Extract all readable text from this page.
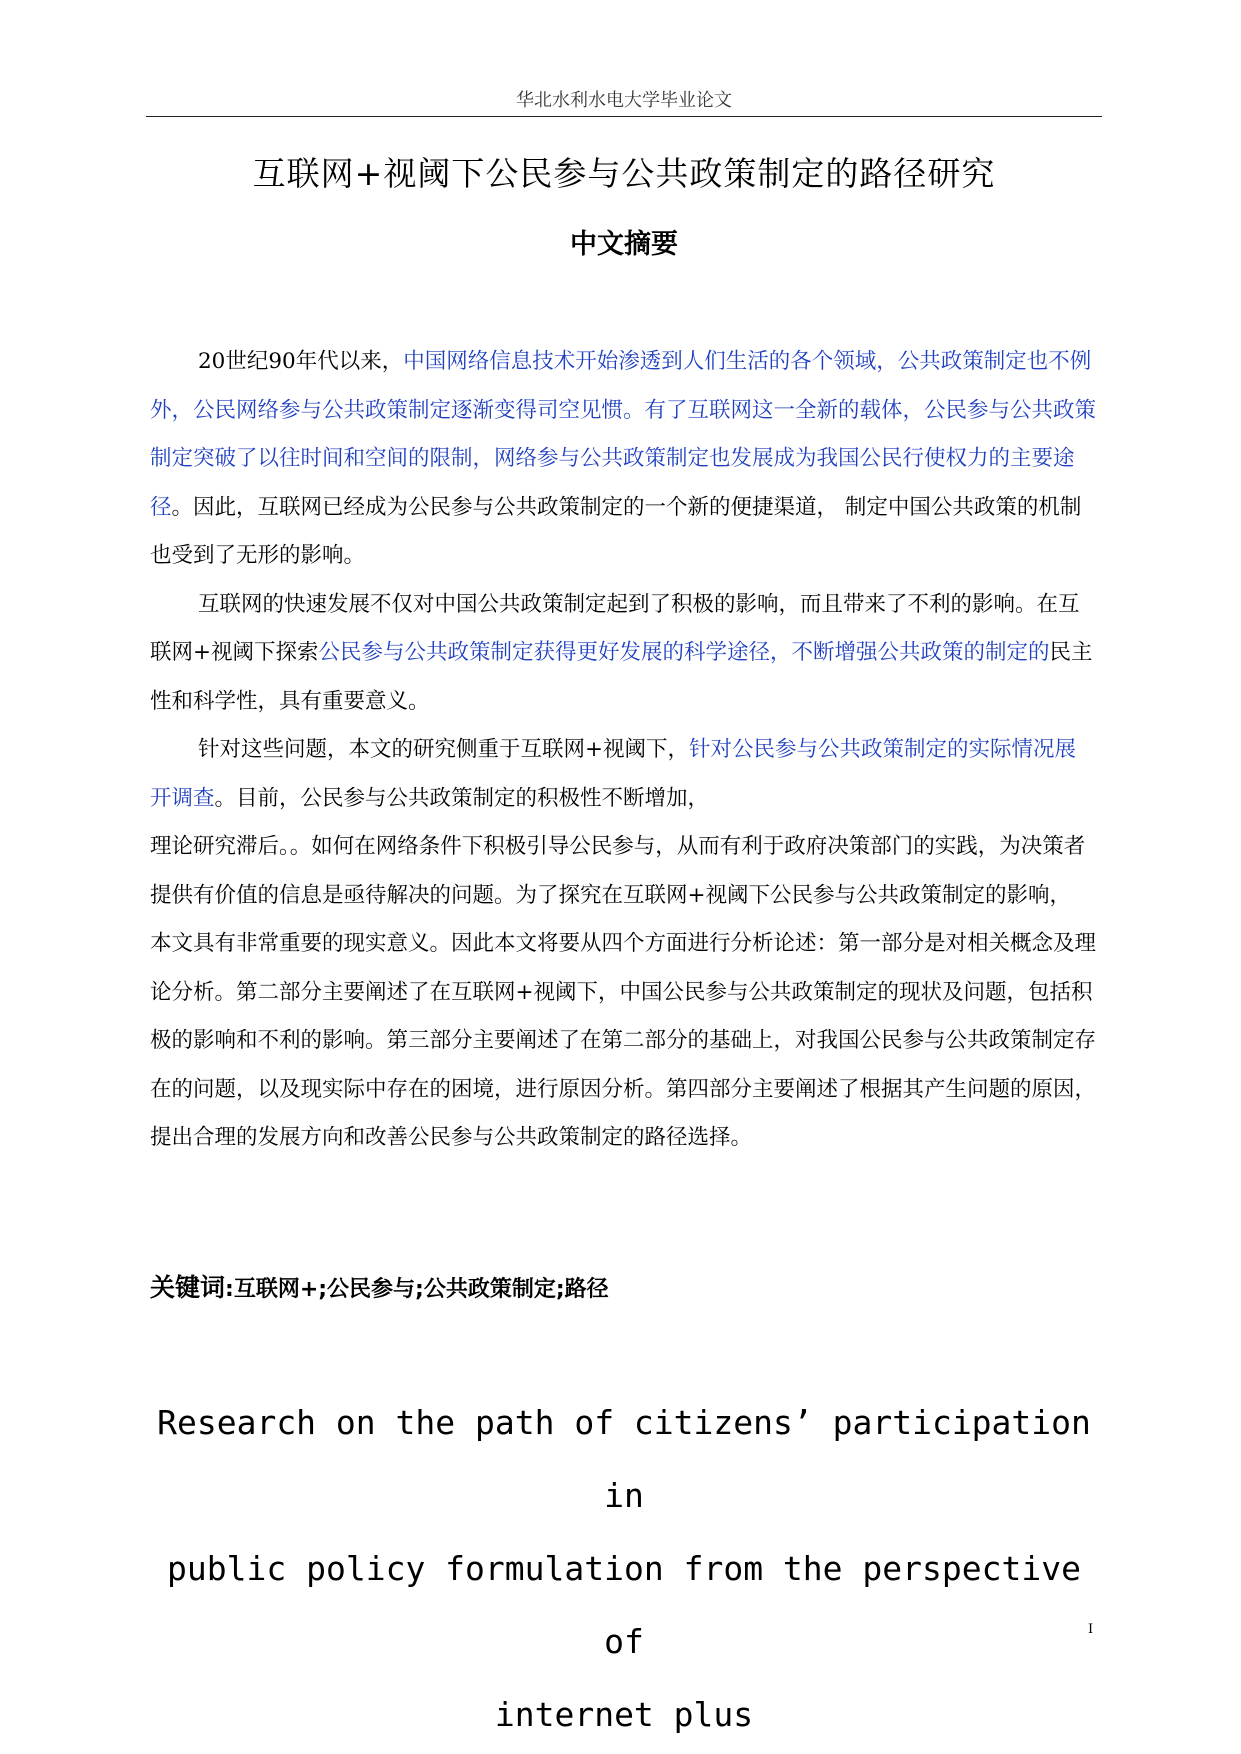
华北水利水电大学毕业论文
互联网+视阈下公民参与公共政策制定的路径研究
中文摘要

20世纪90年代以来，中国网络信息技术开始渗透到人们生活的各个领域，公共政策制定也不例外，公民网络参与公共政策制定逐渐变得司空见惯。有了互联网这一全新的载体，公民参与公共政策制定突破了以往时间和空间的限制，网络参与公共政策制定也发展成为我国公民行使权力的主要途径。因此，互联网已经成为公民参与公共政策制定的一个新的便捷渠道， 制定中国公共政策的机制也受到了无形的影响。

互联网的快速发展不仅对中国公共政策制定起到了积极的影响，而且带来了不利的影响。在互联网+视阈下探索公民参与公共政策制定获得更好发展的科学途径，不断增强公共政策的制定的民主性和科学性，具有重要意义。

针对这些问题，本文的研究侧重于互联网+视阈下，针对公民参与公共政策制定的实际情况展开调查。目前，公民参与公共政策制定的积极性不断增加，

理论研究滞后。。如何在网络条件下积极引导公民参与，从而有利于政府决策部门的实践，为决策者提供有价值的信息是亟待解决的问题。为了探究在互联网+视阈下公民参与公共政策制定的影响，

本文具有非常重要的现实意义。因此本文将要从四个方面进行分析论述：第一部分是对相关概念及理论分析。第二部分主要阐述了在互联网+视阈下，中国公民参与公共政策制定的现状及问题，包括积极的影响和不利的影响。第三部分主要阐述了在第二部分的基础上，对我国公民参与公共政策制定存在的问题，以及现实际中存在的困境，进行原因分析。第四部分主要阐述了根据其产生问题的原因，提出合理的发展方向和改善公民参与公共政策制定的路径选择。

关键词:互联网+;公民参与;公共政策制定;路径
Research on the path of citizens’ participation in
public policy formulation from the perspective of
internet plus
I
